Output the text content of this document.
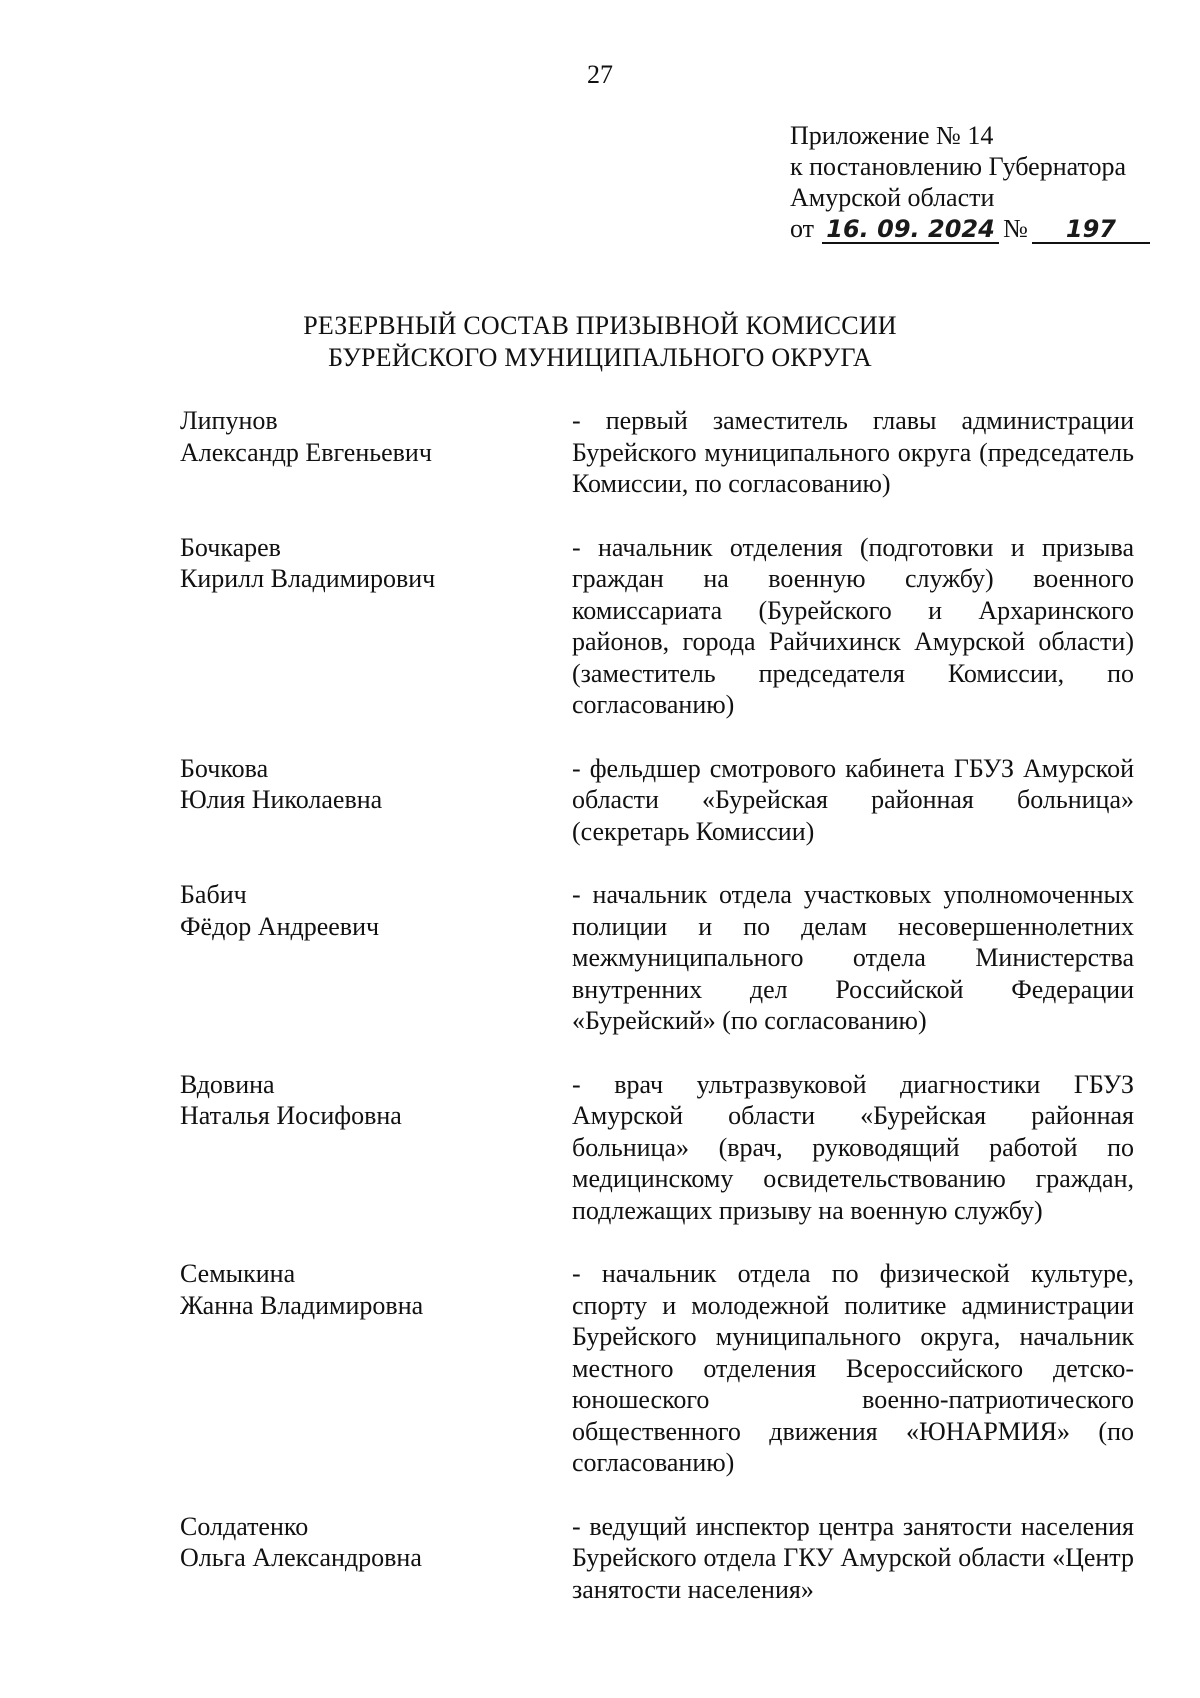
27
Приложение № 14
к постановлению Губернатора
Амурской области
от 16. 09. 2024 №	197
РЕЗЕРВНЫЙ СОСТАВ ПРИЗЫВНОЙ КОМИССИИ
БУРЕЙСКОГО МУНИЦИПАЛЬНОГО ОКРУГА
Липунов
Александр Евгеньевич
- первый заместитель главы администрации Бурейского муниципального округа (председатель Комиссии, по согласованию)
Бочкарев
Кирилл Владимирович
- начальник отделения (подготовки и призыва граждан на военную службу) военного комиссариата (Бурейского и Архаринского районов, города Райчихинск Амурской области) (заместитель председателя Комиссии, по согласованию)
Бочкова
Юлия Николаевна
- фельдшер смотрового кабинета ГБУЗ Амурской области «Бурейская районная больница» (секретарь Комиссии)
Бабич
Фёдор Андреевич
- начальник отдела участковых уполномоченных полиции и по делам несовершеннолетних межмуниципального отдела Министерства внутренних дел Российской Федерации «Бурейский» (по согласованию)
Вдовина
Наталья Иосифовна
- врач ультразвуковой диагностики ГБУЗ Амурской области «Бурейская районная больница» (врач, руководящий работой по медицинскому освидетельствованию граждан, подлежащих призыву на военную службу)
Семыкина
Жанна Владимировна
- начальник отдела по физической культуре, спорту и молодежной политике администрации Бурейского муниципального округа, начальник местного отделения Всероссийского детско-юношеского военно-патриотического общественного движения «ЮНАРМИЯ» (по согласованию)
Солдатенко
Ольга Александровна
- ведущий инспектор центра занятости населения Бурейского отдела ГКУ Амурской области «Центр занятости населения»
